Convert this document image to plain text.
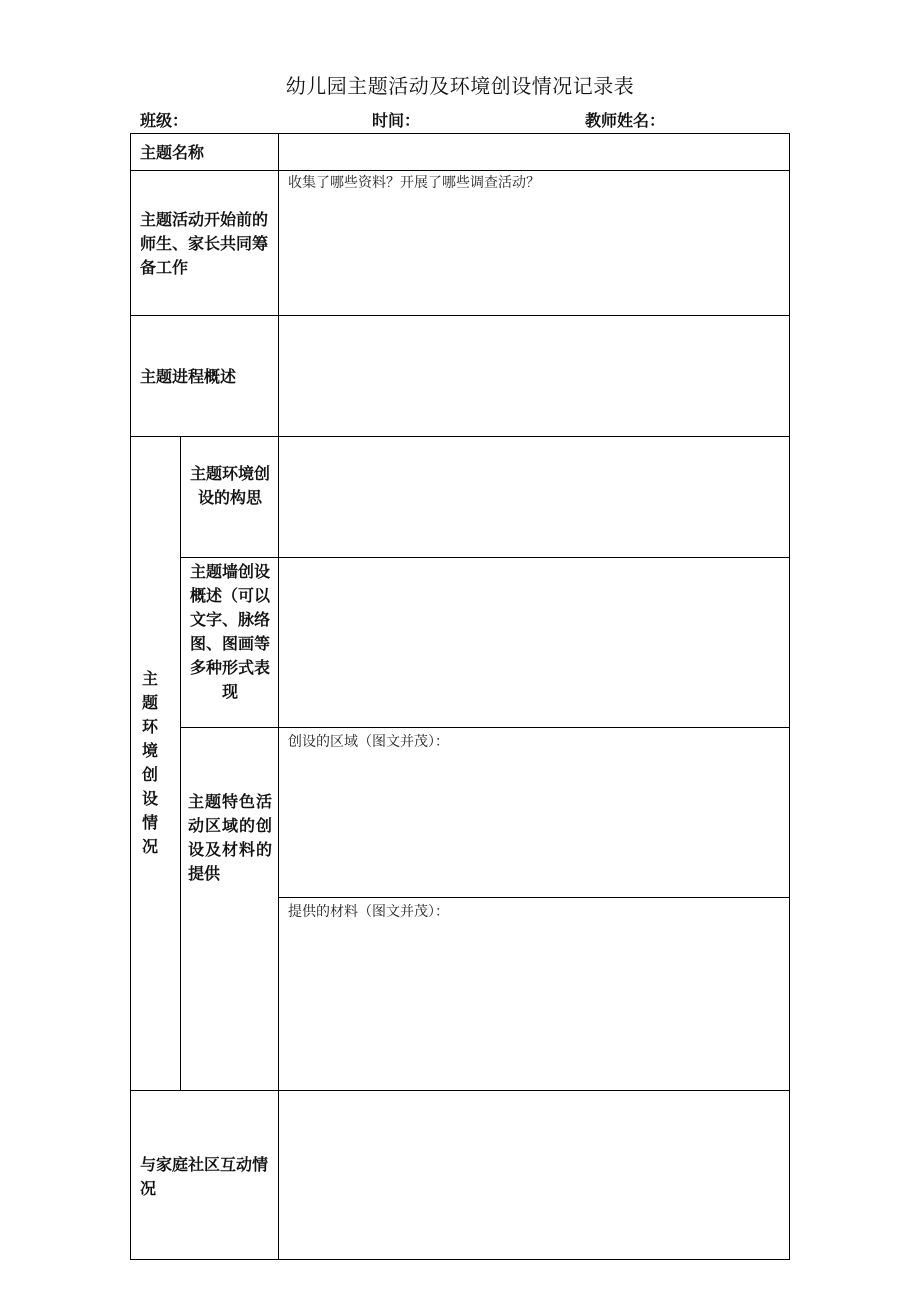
幼儿园主题活动及环境创设情况记录表
班级：	时间：	教师姓名：
主题名称
主题活动开始前的师生、家长共同筹备工作
收集了哪些资料？开展了哪些调查活动？
主题进程概述
主题环境创设情况
主题环境创设的构思
主题墙创设概述（可以文字、脉络图、图画等多种形式表现
主题特色活动区域的创设及材料的提供
创设的区域（图文并茂）：
提供的材料（图文并茂）：
与家庭社区互动情况
